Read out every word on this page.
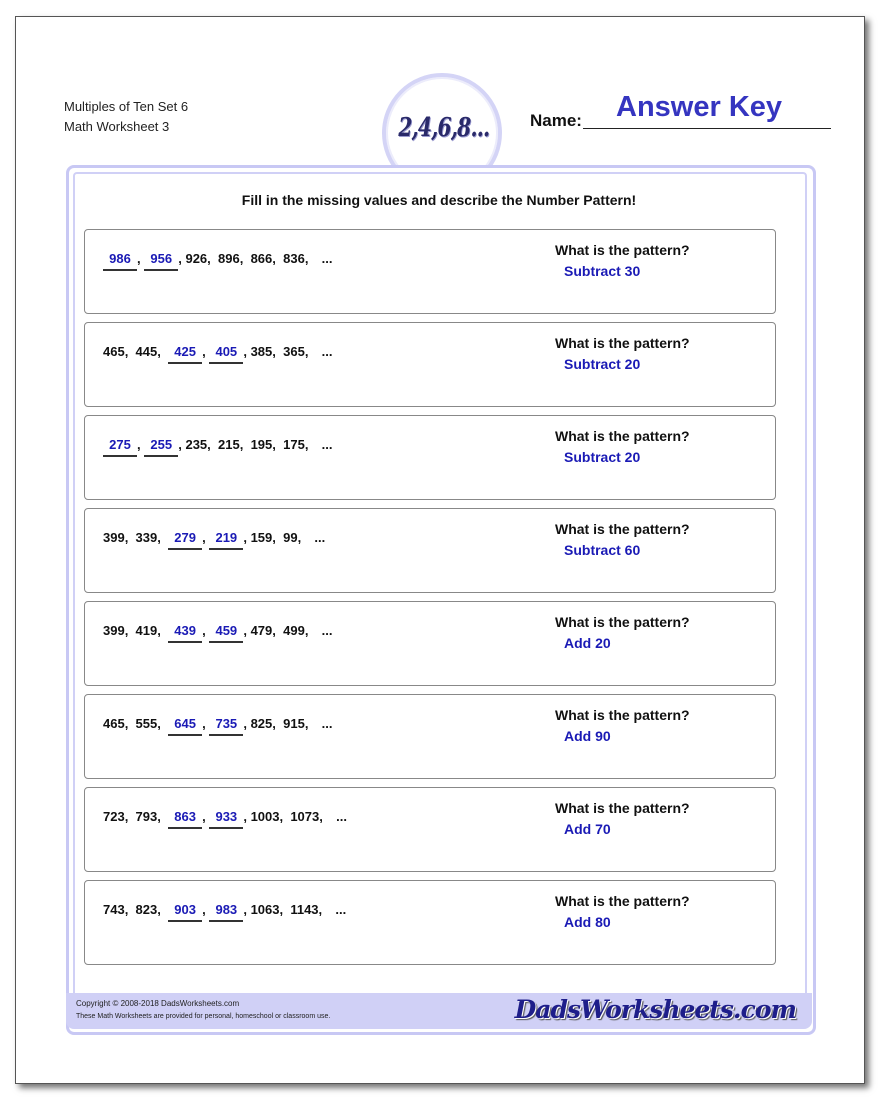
Multiples of Ten Set 6
Math Worksheet 3	2,4,6,8... Name: Answer Key
Fill in the missing values and describe the Number Pattern!
986, 956, 926,  896,  866,  836,  ...
What is the pattern?
Subtract 30
465,  445,  425, 405, 385,  365,  ...
What is the pattern?
Subtract 20
275, 255, 235,  215,  195,  175,  ...
What is the pattern?
Subtract 20
399,  339,  279, 219, 159,  99,  ...
What is the pattern?
Subtract 60
399,  419,  439, 459, 479,  499,  ...
What is the pattern?
Add 20
465,  555,  645, 735, 825,  915,  ...
What is the pattern?
Add 90
723,  793,  863, 933, 1003,  1073,  ...
What is the pattern?
Add 70
743,  823,  903, 983, 1063,  1143,  ...
What is the pattern?
Add 80
Copyright © 2008-2018 DadsWorksheets.com
These Math Worksheets are provided for personal, homeschool or classroom use.	DadsWorksheets.com
